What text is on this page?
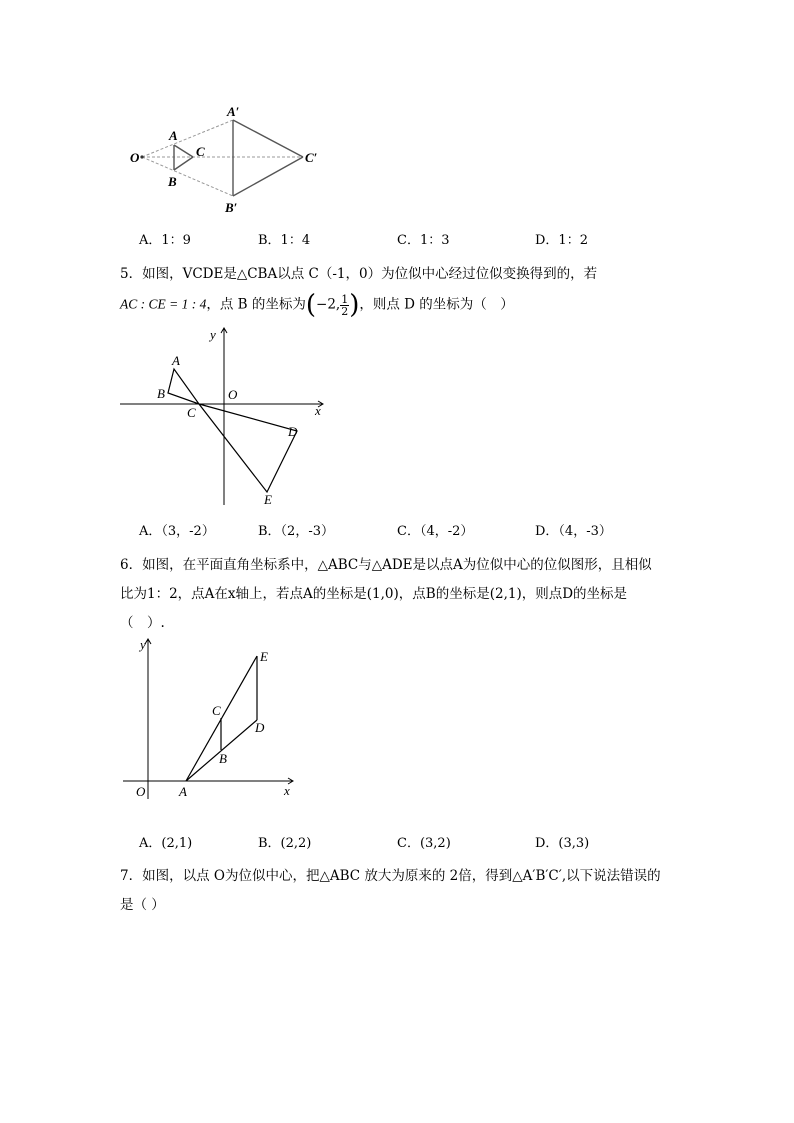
O
A
B
C
A′
B′
C′
A．1：9	B．1：4	C．1：3	D．1：2
5．如图，VCDE是△CBA以点 C（-1，0）为位似中心经过位似变换得到的，若
AC : CE = 1 : 4，点 B 的坐标为(−2, $\frac{1}{2}$ )，则点 D 的坐标为（　）
y
A
B	O
C	x
D
E
A．（3，-2）	B．（2，-3）	C．（4，-2）	D．（4，-3）
6．如图，在平面直角坐标系中，△ABC与△ADE是以点A为位似中心的位似图形，且相似
比为1：2，点A在x轴上，若点A的坐标是(1,0)，点B的坐标是(2,1)，则点D的坐标是
（　）.
y
E
C
D
B
O	A	x
A．(2,1)	B．(2,2)	C．(3,2)	D．(3,3)
7．如图，以点 O为位似中心，把△ABC 放大为原来的 2倍，得到△A′B′C′,以下说法错误的
是（ ）
